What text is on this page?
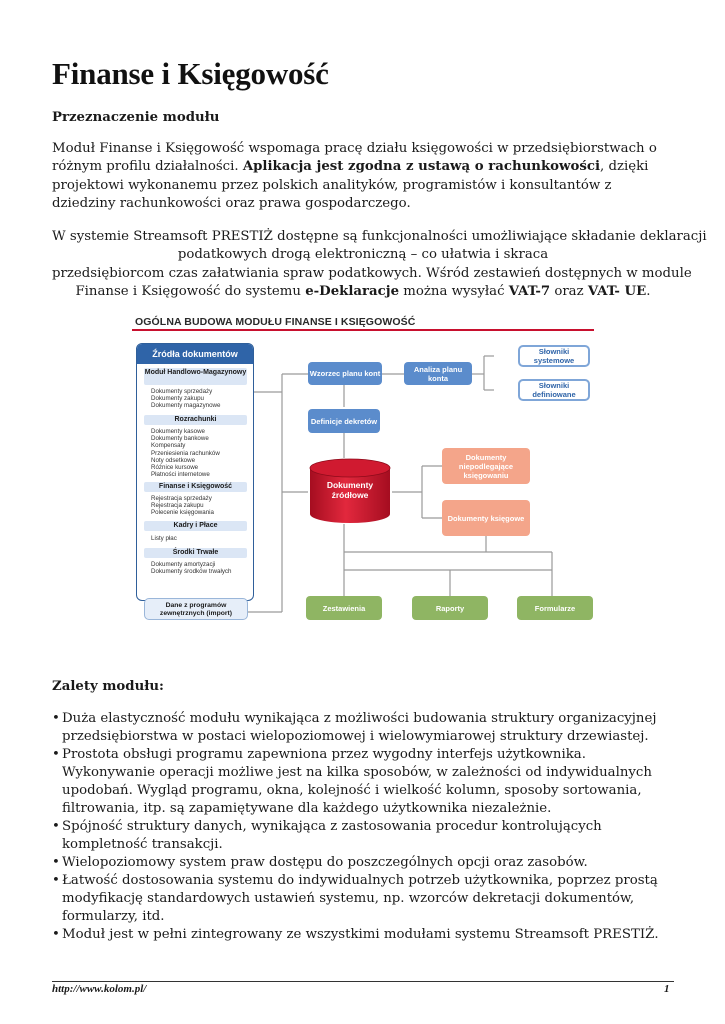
Finanse i Księgowość
Przeznaczenie modułu
Moduł Finanse i Księgowość wspomaga pracę działu księgowości w przedsiębiorstwach o różnym profilu działalności. Aplikacja jest zgodna z ustawą o rachunkowości, dzięki projektowi wykonanemu przez polskich analityków, programistów i konsultantów z dziedziny rachunkowości oraz prawa gospodarczego.
W systemie Streamsoft PRESTIŻ dostępne są funkcjonalności umożliwiające składanie deklaracji
podatkowych drogą elektroniczną – co ułatwia i skraca
przedsiębiorcom czas załatwiania spraw podatkowych. Wśród zestawień dostępnych w module
Finanse i Księgowość do systemu e-Deklaracje można wysyłać VAT-7 oraz VAT- UE.
OGÓLNA BUDOWA MODUŁU FINANSE I KSIĘGOWOŚĆ
Źródła dokumentów
Moduł Handlowo-Magazynowy
Dokumenty sprzedaży
Dokumenty zakupu
Dokumenty magazynowe
Rozrachunki
Dokumenty kasowe
Dokumenty bankowe
Kompensaty
Przeniesienia rachunków
Noty odsetkowe
Różnice kursowe
Płatności internetowe
Finanse i Księgowość
Rejestracja sprzedaży
Rejestracja zakupu
Polecenie księgowania
Kadry i Płace
Listy płac
Środki Trwałe
Dokumenty amortyzacji
Dokumenty środków trwałych
Dane z programów zewnętrznych (import)
Wzorzec planu kont	Analiza planu konta
Słowniki systemowe
Słowniki definiowane
Definicje dekretów
Dokumenty źródłowe
Dokumenty niepodlegające księgowaniu
Dokumenty księgowe
Zestawienia	Raporty	Formularze
Zalety modułu:
• Duża elastyczność modułu wynikająca z możliwości budowania struktury organizacyjnej przedsiębiorstwa w postaci wielopoziomowej i wielowymiarowej struktury drzewiastej.
• Prostota obsługi programu zapewniona przez wygodny interfejs użytkownika. Wykonywanie operacji możliwe jest na kilka sposobów, w zależności od indywidualnych upodobań. Wygląd programu, okna, kolejność i wielkość kolumn, sposoby sortowania, filtrowania, itp. są zapamiętywane dla każdego użytkownika niezależnie.
• Spójność struktury danych, wynikająca z zastosowania procedur kontrolujących kompletność transakcji.
• Wielopoziomowy system praw dostępu do poszczególnych opcji oraz zasobów.
• Łatwość dostosowania systemu do indywidualnych potrzeb użytkownika, poprzez prostą modyfikację standardowych ustawień systemu, np. wzorców dekretacji dokumentów, formularzy, itd.
• Moduł jest w pełni zintegrowany ze wszystkimi modułami systemu Streamsoft PRESTIŻ.
http://www.kolom.pl/	1
